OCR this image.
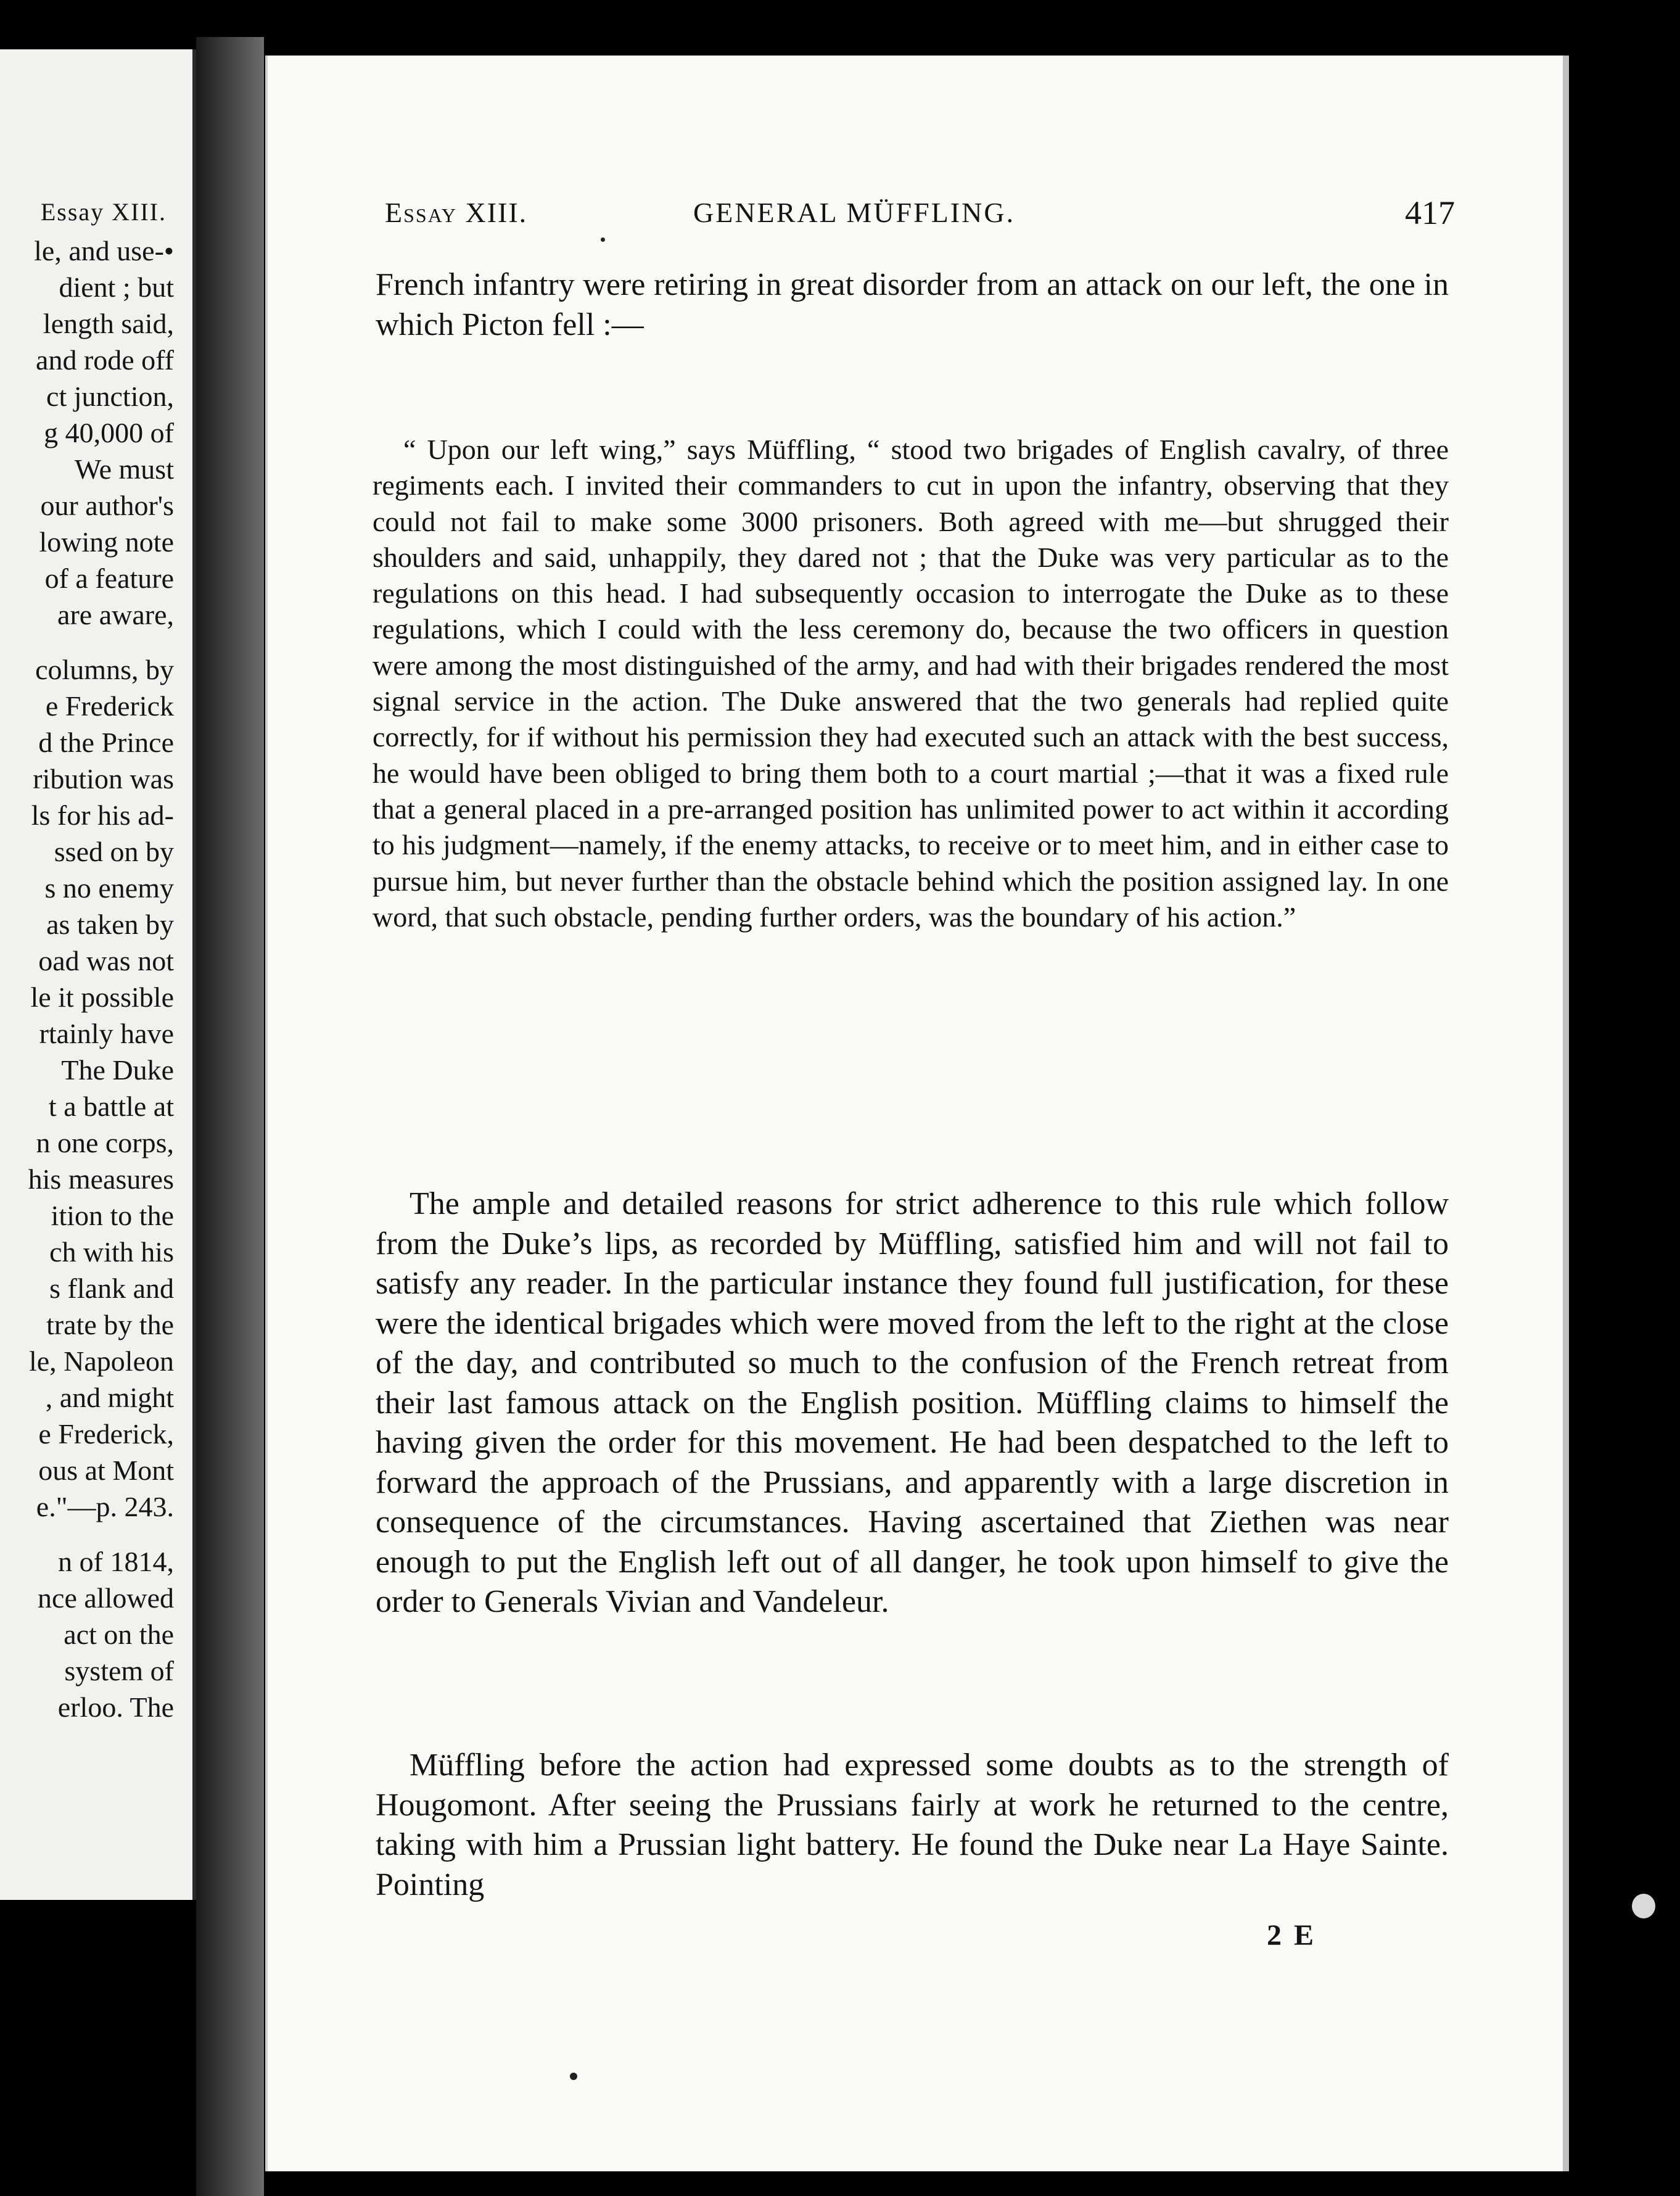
Essay XIII.
le, and use-•
dient ; but
length said,
and rode off
ct junction,
g 40,000 of
We must
our author's
lowing note
of a feature
are aware,
columns, by
e Frederick
d the Prince
ribution was
ls for his ad-
ssed on by
s no enemy
as taken by
oad was not
le it possible
rtainly have
The Duke
t a battle at
n one corps,
his measures
ition to the
ch with his
s flank and
trate by the
le, Napoleon
, and might
e Frederick,
ous at Mont
e."—p. 243.
n of 1814,
nce allowed
act on the
system of
erloo. The
Essay XIII.	GENERAL MÜFFLING.	417

French infantry were retiring in great disorder from an attack on our left, the one in which Picton fell :—

“ Upon our left wing,” says Müffling, “ stood two brigades of English cavalry, of three regiments each. I invited their commanders to cut in upon the infantry, observing that they could not fail to make some 3000 prisoners. Both agreed with me—but shrugged their shoulders and said, unhappily, they dared not ; that the Duke was very particular as to the regulations on this head. I had subsequently occasion to interrogate the Duke as to these regulations, which I could with the less ceremony do, because the two officers in question were among the most distinguished of the army, and had with their brigades rendered the most signal service in the action. The Duke answered that the two generals had replied quite correctly, for if without his permission they had executed such an attack with the best success, he would have been obliged to bring them both to a court martial ;—that it was a fixed rule that a general placed in a pre-arranged position has unlimited power to act within it according to his judgment—namely, if the enemy attacks, to receive or to meet him, and in either case to pursue him, but never further than the obstacle behind which the position assigned lay. In one word, that such obstacle, pending further orders, was the boundary of his action.”

The ample and detailed reasons for strict adherence to this rule which follow from the Duke’s lips, as recorded by Müffling, satisfied him and will not fail to satisfy any reader. In the particular instance they found full justification, for these were the identical brigades which were moved from the left to the right at the close of the day, and contributed so much to the confusion of the French retreat from their last famous attack on the English position. Müffling claims to himself the having given the order for this movement. He had been despatched to the left to forward the approach of the Prussians, and apparently with a large discretion in consequence of the circumstances. Having ascertained that Ziethen was near enough to put the English left out of all danger, he took upon himself to give the order to Generals Vivian and Vandeleur.

Müffling before the action had expressed some doubts as to the strength of Hougomont. After seeing the Prussians fairly at work he returned to the centre, taking with him a Prussian light battery. He found the Duke near La Haye Sainte. Pointing

2 E
